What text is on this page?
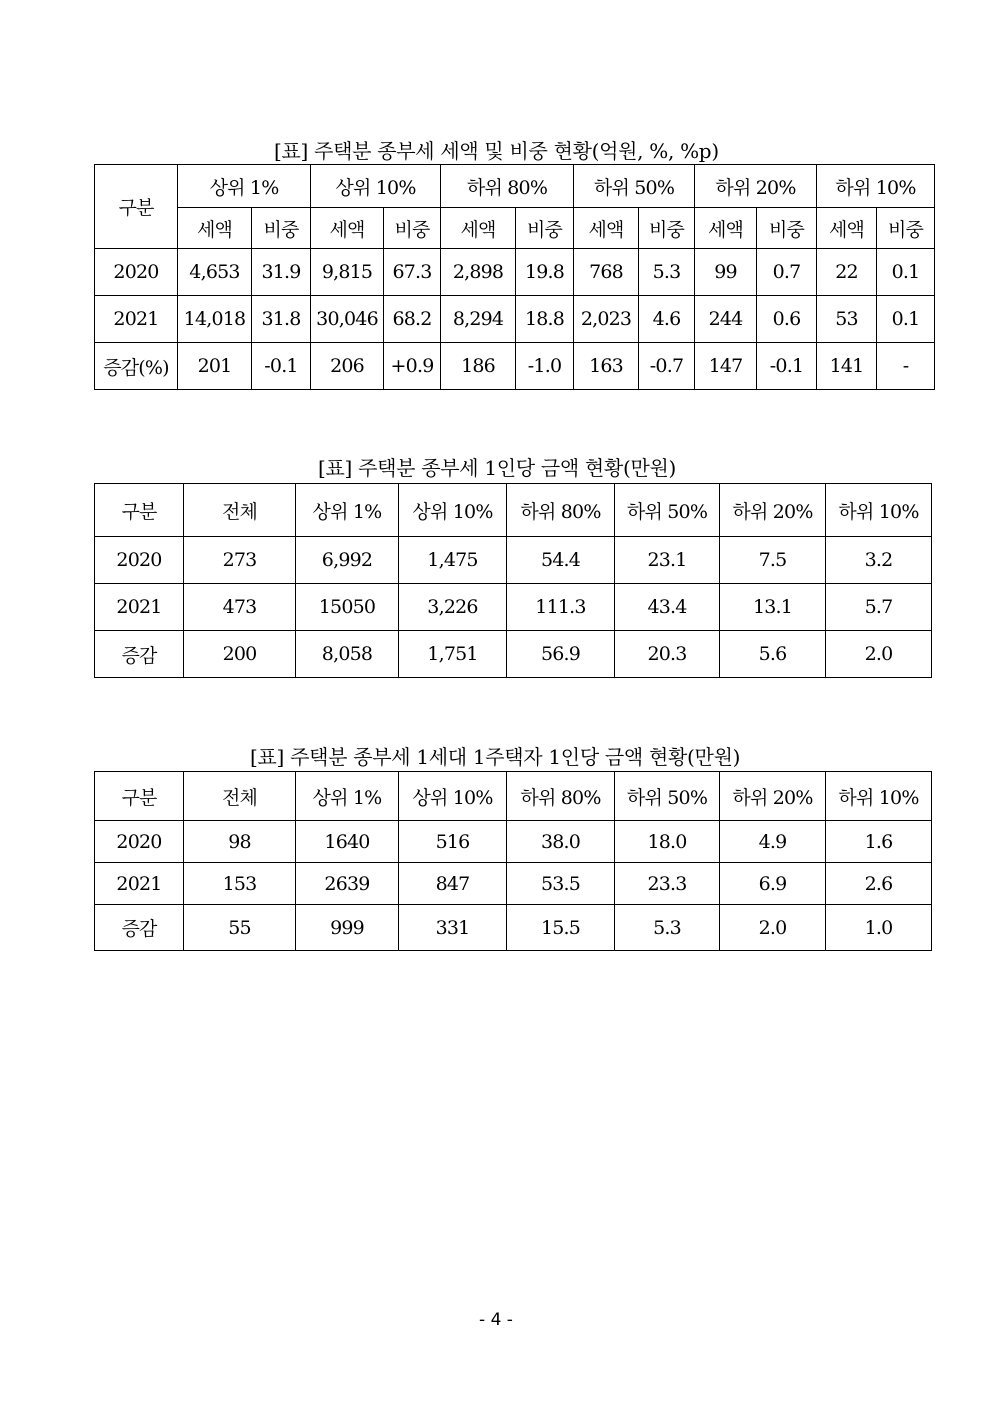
[표] 주택분 종부세 세액 및 비중 현황(억원, %, %p)
구분	상위 1%		상위 10%		하위 80%		하위 50%		하위 20%		하위 10%	
	세액	비중	세액	비중	세액	비중	세액	비중	세액	비중	세액	비중
2020	4,653	31.9	9,815	67.3	2,898	19.8	768	5.3	99	0.7	22	0.1
2021	14,018	31.8	30,046	68.2	8,294	18.8	2,023	4.6	244	0.6	53	0.1
증감(%)	201	-0.1	206	+0.9	186	-1.0	163	-0.7	147	-0.1	141	-
[표] 주택분 종부세 1인당 금액 현황(만원)
구분	전체	상위 1%	상위 10%	하위 80%	하위 50%	하위 20%	하위 10%
2020	273	6,992	1,475	54.4	23.1	7.5	3.2
2021	473	15050	3,226	111.3	43.4	13.1	5.7
증감	200	8,058	1,751	56.9	20.3	5.6	2.0
[표] 주택분 종부세 1세대 1주택자 1인당 금액 현황(만원)
구분	전체	상위 1%	상위 10%	하위 80%	하위 50%	하위 20%	하위 10%
2020	98	1640	516	38.0	18.0	4.9	1.6
2021	153	2639	847	53.5	23.3	6.9	2.6
증감	55	999	331	15.5	5.3	2.0	1.0
- 4 -
